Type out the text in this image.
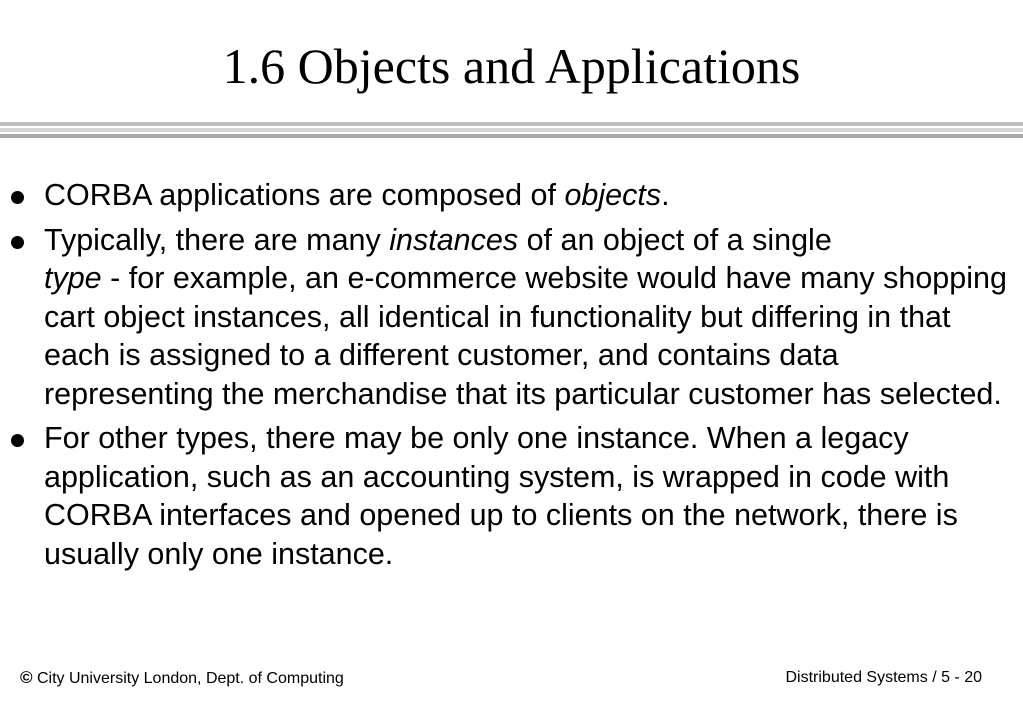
1.6 Objects and Applications
CORBA applications are composed of objects.
Typically, there are many instances of an object of a single
type - for example, an e-commerce website would have many shopping cart object instances, all identical in functionality but differing in that each is assigned to a different customer, and contains data representing the merchandise that its particular customer has selected.
For other types, there may be only one instance. When a legacy application, such as an accounting system, is wrapped in code with CORBA interfaces and opened up to clients on the network, there is usually only one instance.
© City University London, Dept. of Computing	Distributed Systems / 5 - 20
